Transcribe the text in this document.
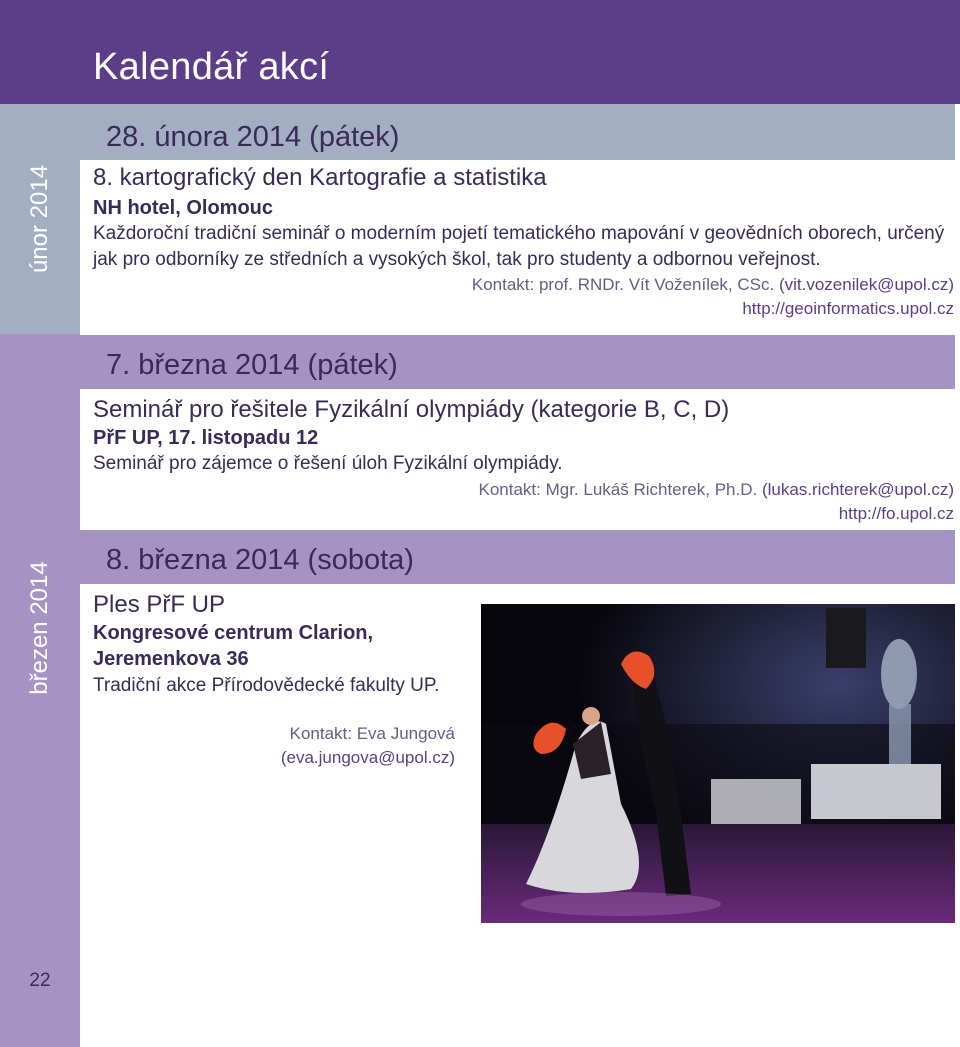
Kalendář akcí
únor 2014
březen 2014
22
28. února 2014 (pátek)
8. kartografický den Kartografie a statistika
NH hotel, Olomouc
Každoroční tradiční seminář o moderním pojetí tematického mapování v geovědních oborech, určený jak pro odborníky ze středních a vysokých škol, tak pro studenty a odbornou veřejnost.
Kontakt: prof. RNDr. Vít Voženílek, CSc. (vit.vozenilek@upol.cz)
http://geoinformatics.upol.cz
7. března 2014 (pátek)
Seminář pro řešitele Fyzikální olympiády (kategorie B, C, D)
PřF UP, 17. listopadu 12
Seminář pro zájemce o řešení úloh Fyzikální olympiády.
Kontakt: Mgr. Lukáš Richterek, Ph.D. (lukas.richterek@upol.cz)
http://fo.upol.cz
8. března 2014 (sobota)
Ples PřF UP
Kongresové centrum Clarion,
Jeremenkova 36
Tradiční akce Přírodovědecké fakulty UP.
Kontakt: Eva Jungová
(eva.jungova@upol.cz)
